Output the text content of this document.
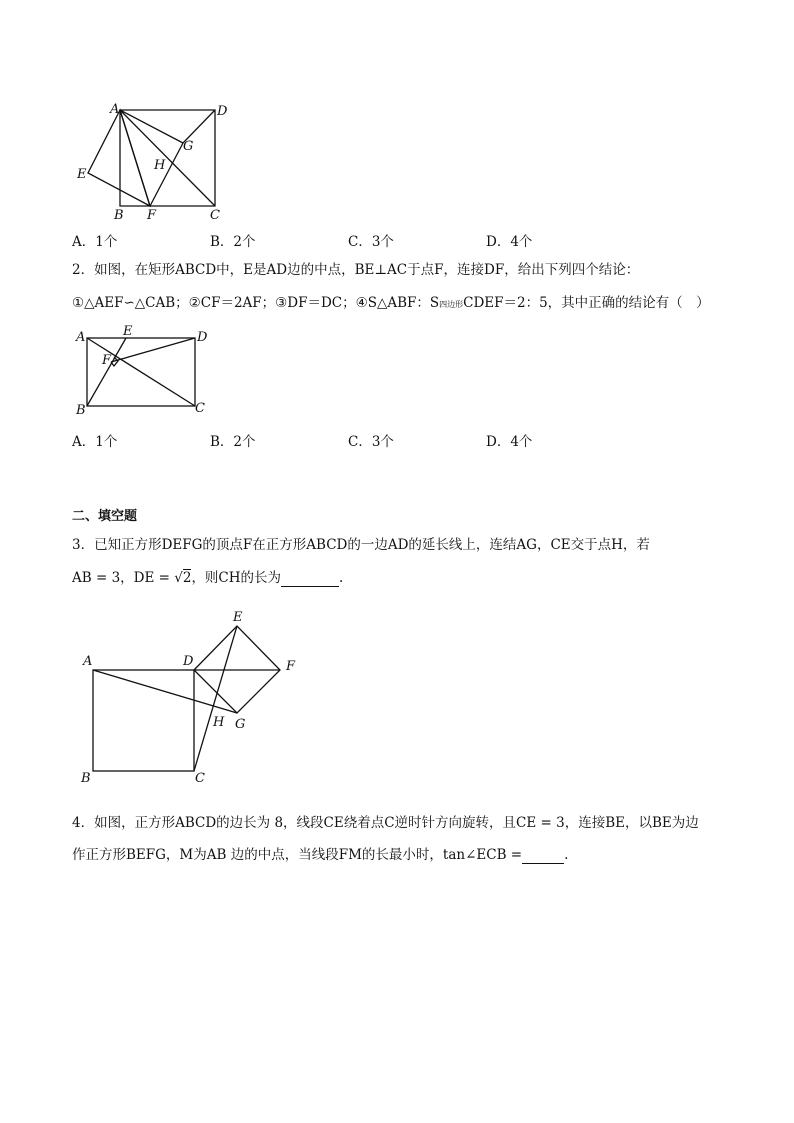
A	D
E
G
H
B F	C
A．1个	B．2个	C．3个	D．4个
2．如图，在矩形ABCD中，E是AD边的中点，BE⊥AC于点F，连接DF，给出下列四个结论：
①△AEF∽△CAB；②CF＝2AF；③DF＝DC；④S△ABF：S四边形CDEF＝2：5，其中正确的结论有（　）
A	E	D
F
B	C
A．1个	B．2个	C．3个	D．4个
二、填空题
3．已知正方形DEFG的顶点F在正方形ABCD的一边AD的延长线上，连结AG，CE交于点H，若
AB = 3，DE = √2，则CH的长为	.
A	D
E
F
H G
B	C
4．如图，正方形ABCD的边长为 8，线段CE绕着点C逆时针方向旋转，且CE = 3，连接BE，以BE为边
作正方形BEFG，M为AB 边的中点，当线段FM的长最小时，tan∠ECB =	.
